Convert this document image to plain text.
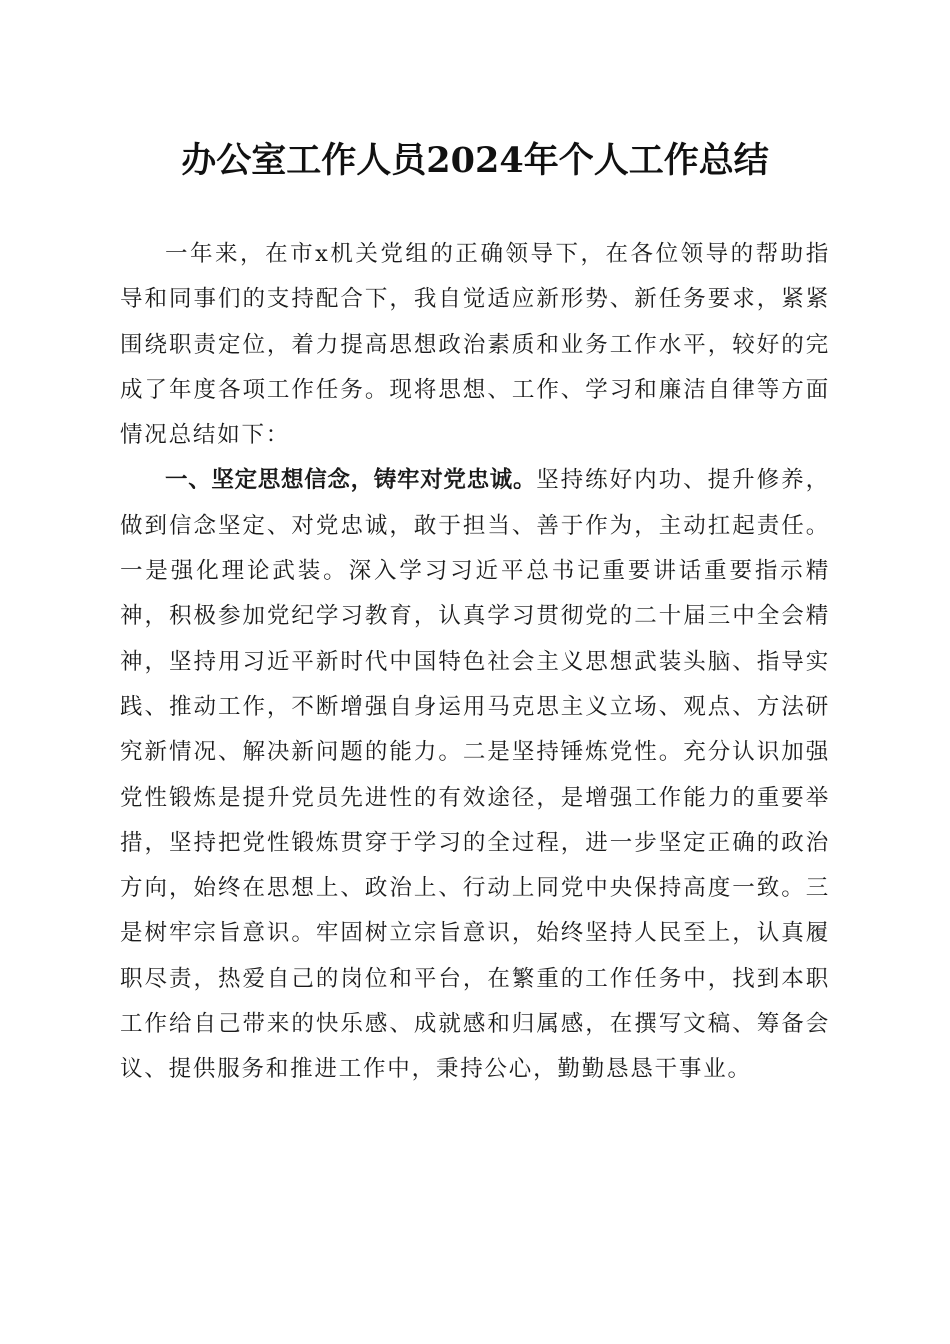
办公室工作人员2024年个人工作总结

一年来，在市x机关党组的正确领导下，在各位领导的帮助指导和同事们的支持配合下，我自觉适应新形势、新任务要求，紧紧围绕职责定位，着力提高思想政治素质和业务工作水平，较好的完成了年度各项工作任务。现将思想、工作、学习和廉洁自律等方面情况总结如下：

一、坚定思想信念，铸牢对党忠诚。坚持练好内功、提升修养，做到信念坚定、对党忠诚，敢于担当、善于作为，主动扛起责任。一是强化理论武装。深入学习习近平总书记重要讲话重要指示精神，积极参加党纪学习教育，认真学习贯彻党的二十届三中全会精神，坚持用习近平新时代中国特色社会主义思想武装头脑、指导实践、推动工作，不断增强自身运用马克思主义立场、观点、方法研究新情况、解决新问题的能力。二是坚持锤炼党性。充分认识加强党性锻炼是提升党员先进性的有效途径，是增强工作能力的重要举措，坚持把党性锻炼贯穿于学习的全过程，进一步坚定正确的政治方向，始终在思想上、政治上、行动上同党中央保持高度一致。三是树牢宗旨意识。牢固树立宗旨意识，始终坚持人民至上，认真履职尽责，热爱自己的岗位和平台，在繁重的工作任务中，找到本职工作给自己带来的快乐感、成就感和归属感，在撰写文稿、筹备会议、提供服务和推进工作中，秉持公心，勤勤恳恳干事业。
